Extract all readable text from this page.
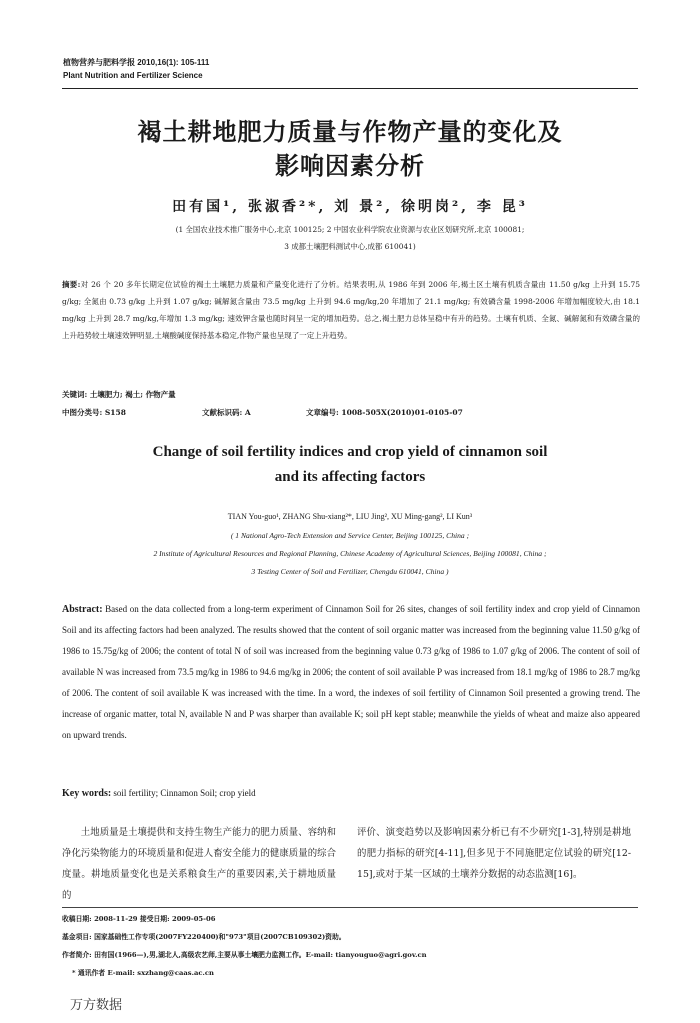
植物营养与肥料学报 2010,16(1): 105-111
Plant Nutrition and Fertilizer Science
褐土耕地肥力质量与作物产量的变化及
影响因素分析
田有国¹, 张淑香²*, 刘 景², 徐明岗², 李 昆³
(1 全国农业技术推广服务中心,北京 100125; 2 中国农业科学院农业资源与农业区划研究所,北京 100081;
3 成都土壤肥料测试中心,成都 610041)
摘要:对 26 个 20 多年长期定位试验的褐土土壤肥力质量和产量变化进行了分析。结果表明,从 1986 年到 2006 年,褐土区土壤有机质含量由 11.50 g/kg 上升到 15.75 g/kg; 全氮由 0.73 g/kg 上升到 1.07 g/kg; 碱解氮含量由 73.5 mg/kg 上升到 94.6 mg/kg,20 年增加了 21.1 mg/kg; 有效磷含量 1998-2006 年增加幅度较大,由 18.1 mg/kg 上升到 28.7 mg/kg,年增加 1.3 mg/kg; 速效钾含量也随时间呈一定的增加趋势。总之,褐土肥力总体呈稳中有升的趋势。土壤有机质、全氮、碱解氮和有效磷含量的上升趋势较土壤速效钾明显,土壤酸碱度保持基本稳定,作物产量也呈现了一定上升趋势。
关键词: 土壤肥力; 褐土; 作物产量
中图分类号: S158	文献标识码: A	文章编号: 1008-505X(2010)01-0105-07
Change of soil fertility indices and crop yield of cinnamon soil
and its affecting factors
TIAN You-guo¹, ZHANG Shu-xiang²*, LIU Jing², XU Ming-gang², LI Kun³
( 1 National Agro-Tech Extension and Service Center, Beijing 100125, China ;
2 Institute of Agricultural Resources and Regional Planning, Chinese Academy of Agricultural Sciences, Beijing 100081, China ;
3 Testing Center of Soil and Fertilizer, Chengdu 610041, China )
Abstract: Based on the data collected from a long-term experiment of Cinnamon Soil for 26 sites, changes of soil fertility index and crop yield of Cinnamon Soil and its affecting factors had been analyzed. The results showed that the content of soil organic matter was increased from the beginning value 11.50 g/kg of 1986 to 15.75g/kg of 2006; the content of total N of soil was increased from the beginning value 0.73 g/kg of 1986 to 1.07 g/kg of 2006. The content of soil of available N was increased from 73.5 mg/kg in 1986 to 94.6 mg/kg in 2006; the content of soil available P was increased from 18.1 mg/kg of 1986 to 28.7 mg/kg of 2006. The content of soil available K was increased with the time. In a word, the indexes of soil fertility of Cinnamon Soil presented a growing trend. The increase of organic matter, total N, available N and P was sharper than available K; soil pH kept stable; meanwhile the yields of wheat and maize also appeared on upward trends.
Key words: soil fertility; Cinnamon Soil; crop yield
土地质量是土壤提供和支持生物生产能力的肥力质量、容纳和净化污染物能力的环境质量和促进人畜安全能力的健康质量的综合度量。耕地质量变化也是关系粮食生产的重要因素,关于耕地质量的
评价、演变趋势以及影响因素分析已有不少研究[1-3],特别是耕地的肥力指标的研究[4-11],但多见于不同施肥定位试验的研究[12-15],或对于某一区域的土壤养分数据的动态监测[16]。
收稿日期: 2008-11-29 接受日期: 2009-05-06
基金项目: 国家基础性工作专项(2007FY220400)和"973"项目(2007CB109302)资助。
作者简介: 田有国(1966—),男,湖北人,高级农艺师,主要从事土壤肥力监测工作。E-mail: tianyouguo@agri.gov.cn
* 通讯作者 E-mail: sxzhang@caas.ac.cn
万方数据
